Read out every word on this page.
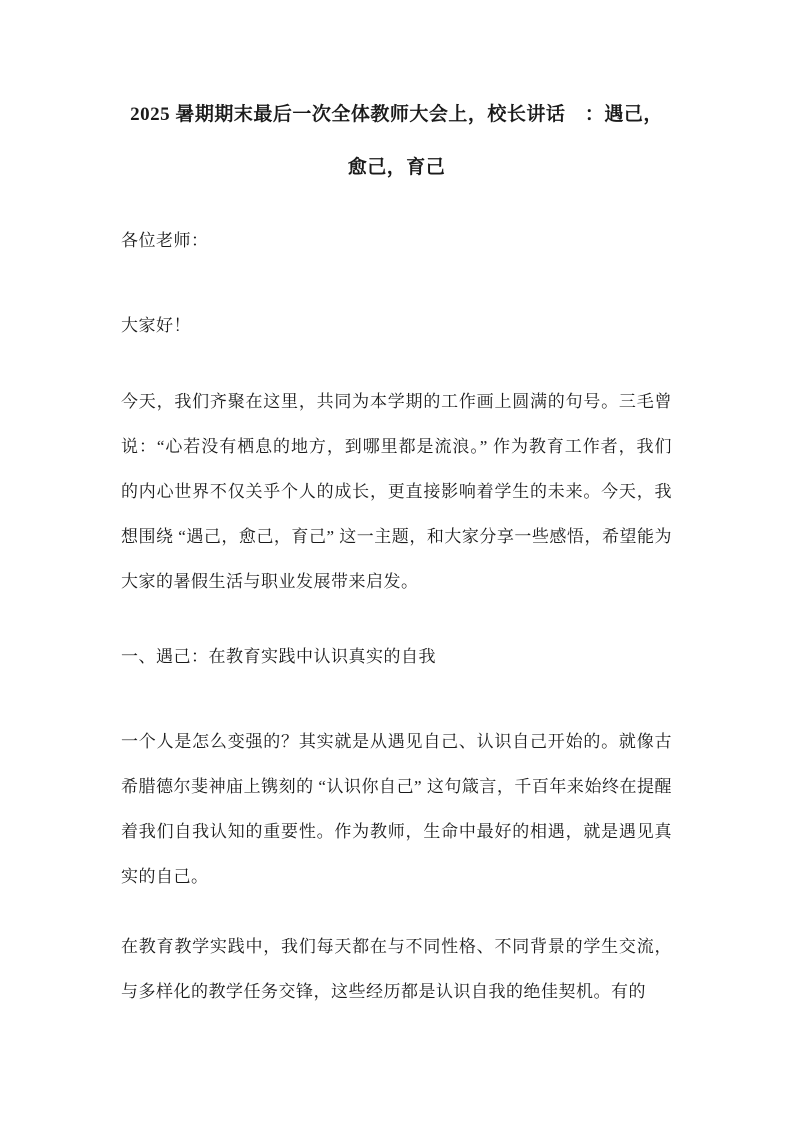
2025 暑期期末最后一次全体教师大会上，校长讲话　：遇己，愈己，育己

各位老师：

大家好！

今天，我们齐聚在这里，共同为本学期的工作画上圆满的句号。三毛曾说：“心若没有栖息的地方，到哪里都是流浪。” 作为教育工作者，我们的内心世界不仅关乎个人的成长，更直接影响着学生的未来。今天，我想围绕 “遇己，愈己，育己” 这一主题，和大家分享一些感悟，希望能为大家的暑假生活与职业发展带来启发。

一、遇己：在教育实践中认识真实的自我

一个人是怎么变强的？其实就是从遇见自己、认识自己开始的。就像古希腊德尔斐神庙上镌刻的 “认识你自己” 这句箴言，千百年来始终在提醒着我们自我认知的重要性。作为教师，生命中最好的相遇，就是遇见真实的自己。

在教育教学实践中，我们每天都在与不同性格、不同背景的学生交流，与多样化的教学任务交锋，这些经历都是认识自我的绝佳契机。有的
